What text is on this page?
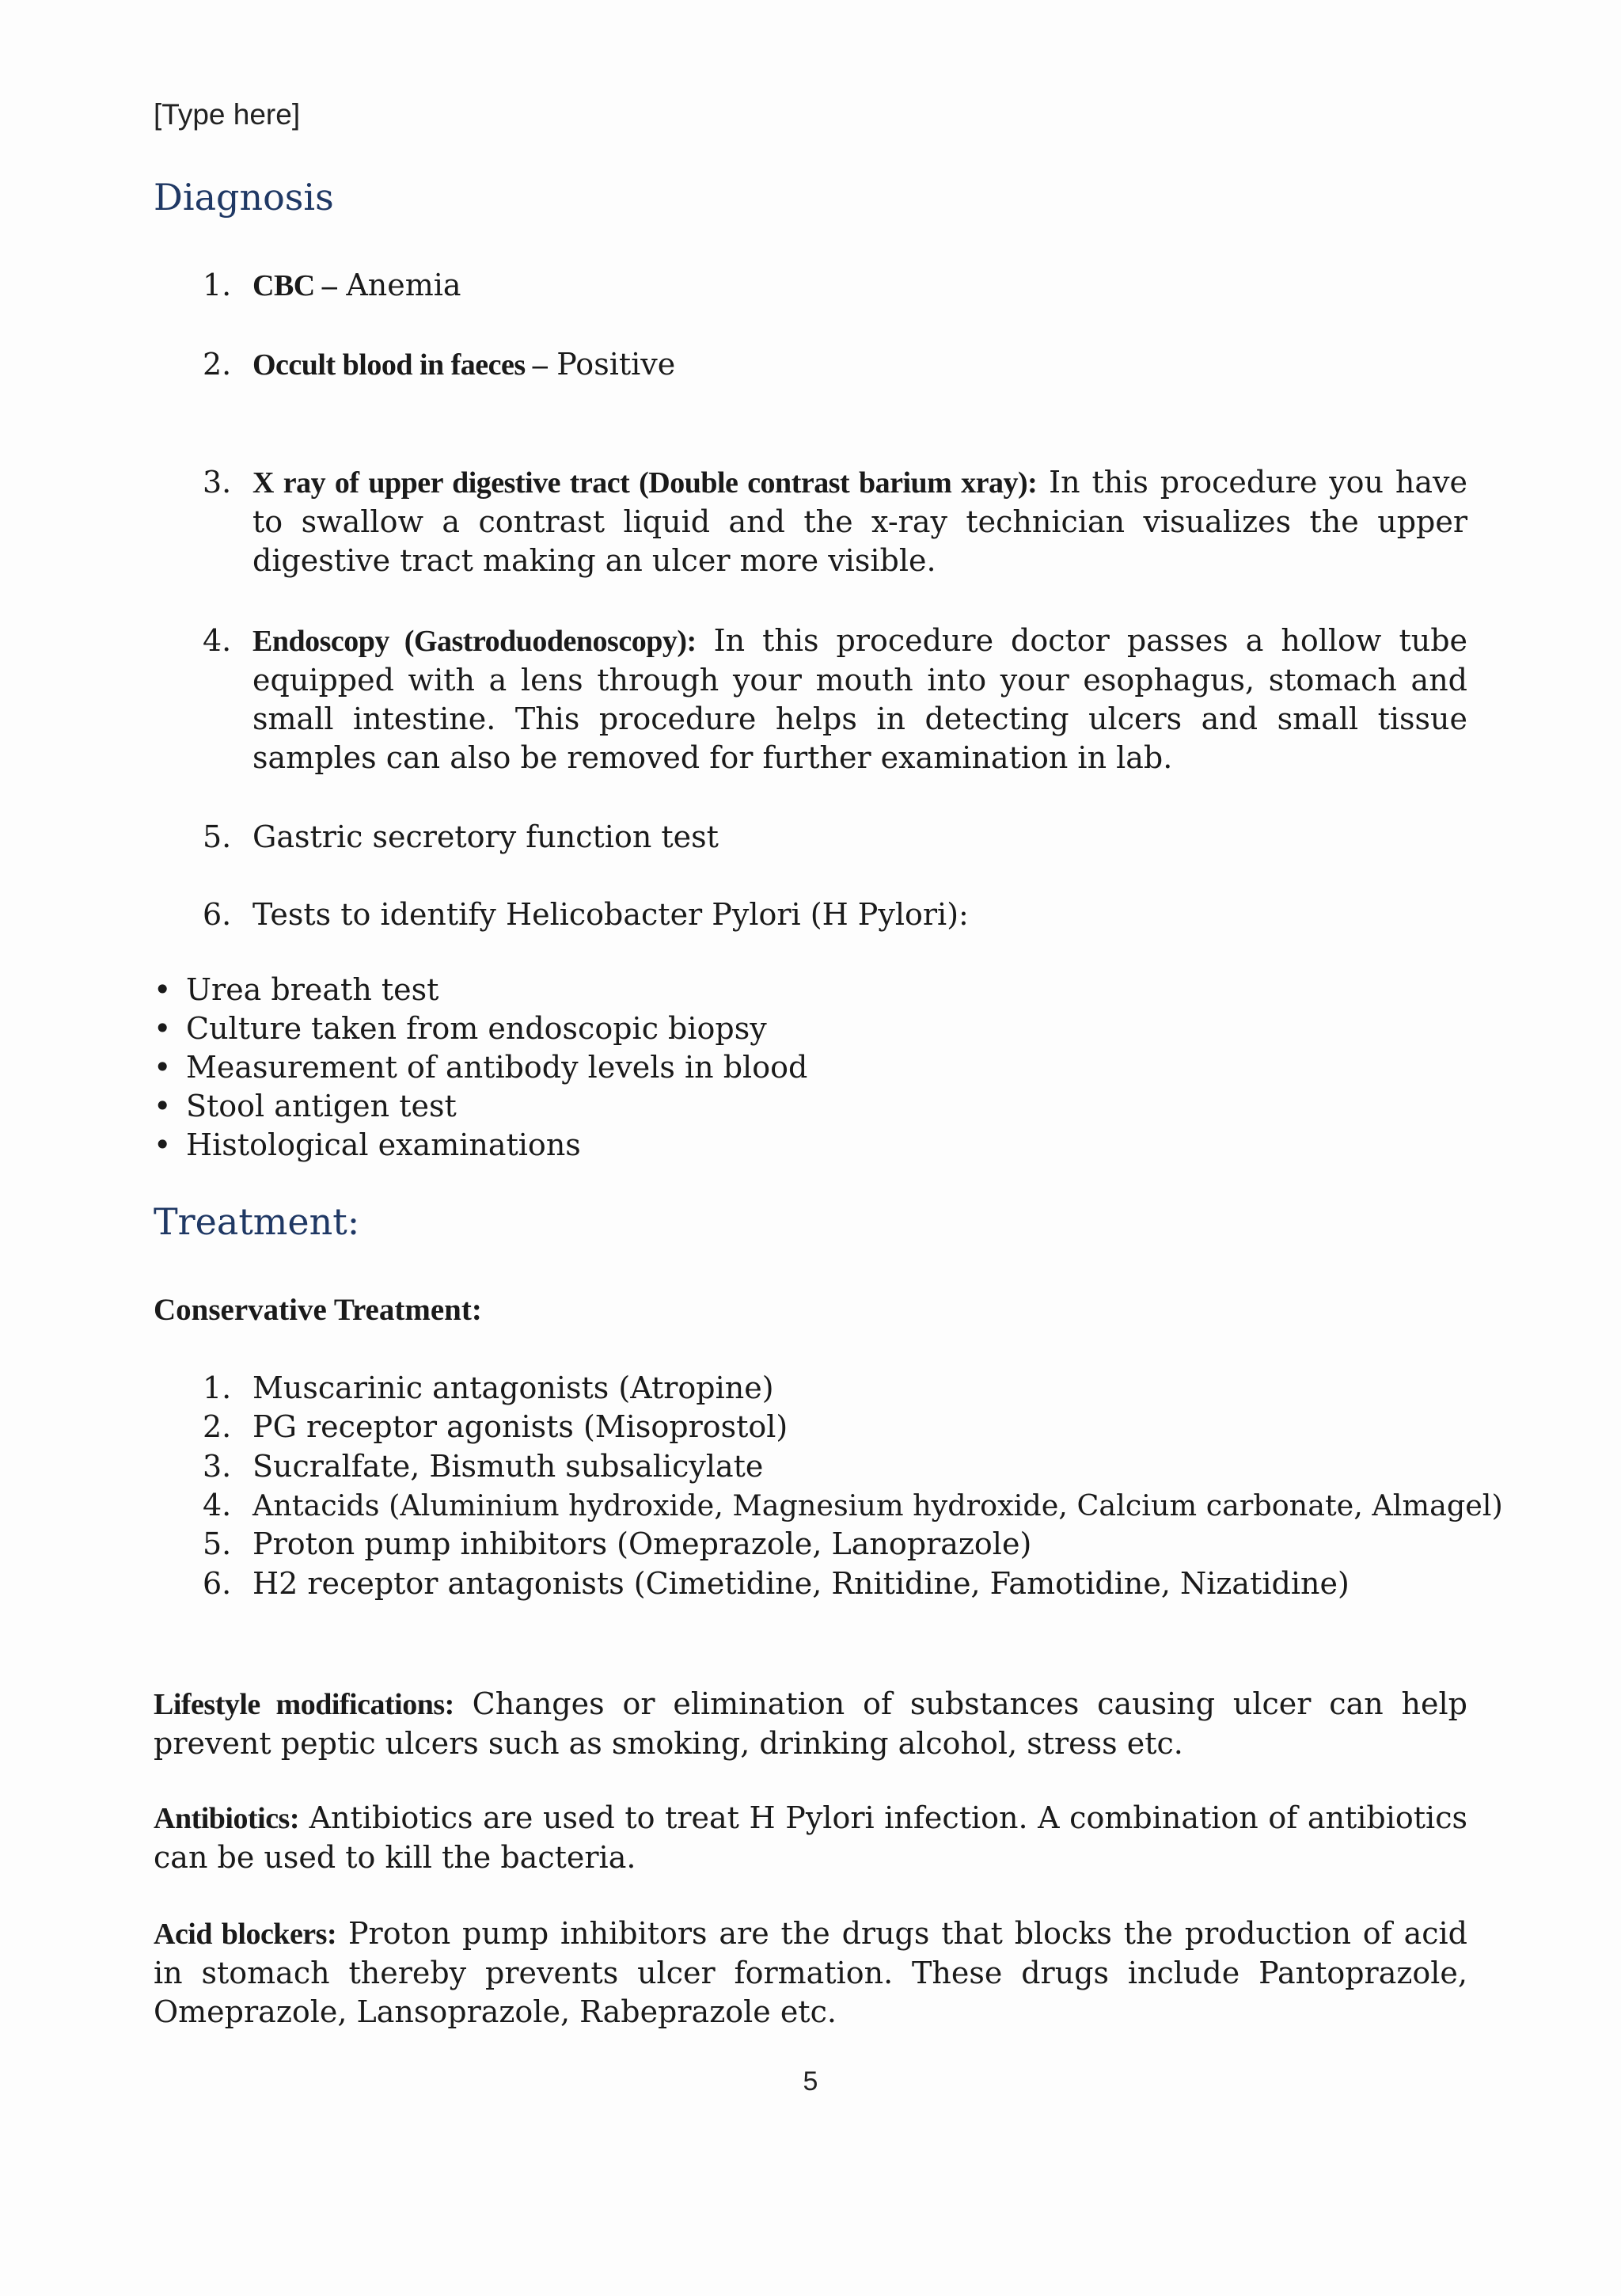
[Type here]
Diagnosis
1. CBC – Anemia
2. Occult blood in faeces – Positive
3. X ray of upper digestive tract (Double contrast barium xray): In this procedure you have to swallow a contrast liquid and the x-ray technician visualizes the upper digestive tract making an ulcer more visible.
4. Endoscopy (Gastroduodenoscopy): In this procedure doctor passes a hollow tube equipped with a lens through your mouth into your esophagus, stomach and small intestine. This procedure helps in detecting ulcers and small tissue samples can also be removed for further examination in lab.
5. Gastric secretory function test
6. Tests to identify Helicobacter Pylori (H Pylori):
• Urea breath test
• Culture taken from endoscopic biopsy
• Measurement of antibody levels in blood
• Stool antigen test
• Histological examinations
Treatment:
Conservative Treatment:
1. Muscarinic antagonists (Atropine)
2. PG receptor agonists (Misoprostol)
3. Sucralfate, Bismuth subsalicylate
4. Antacids (Aluminium hydroxide, Magnesium hydroxide, Calcium carbonate, Almagel)
5. Proton pump inhibitors (Omeprazole, Lanoprazole)
6. H2 receptor antagonists (Cimetidine, Rnitidine, Famotidine, Nizatidine)
Lifestyle modifications: Changes or elimination of substances causing ulcer can help prevent peptic ulcers such as smoking, drinking alcohol, stress etc.
Antibiotics: Antibiotics are used to treat H Pylori infection. A combination of antibiotics can be used to kill the bacteria.
Acid blockers: Proton pump inhibitors are the drugs that blocks the production of acid in stomach thereby prevents ulcer formation. These drugs include Pantoprazole, Omeprazole, Lansoprazole, Rabeprazole etc.
5
